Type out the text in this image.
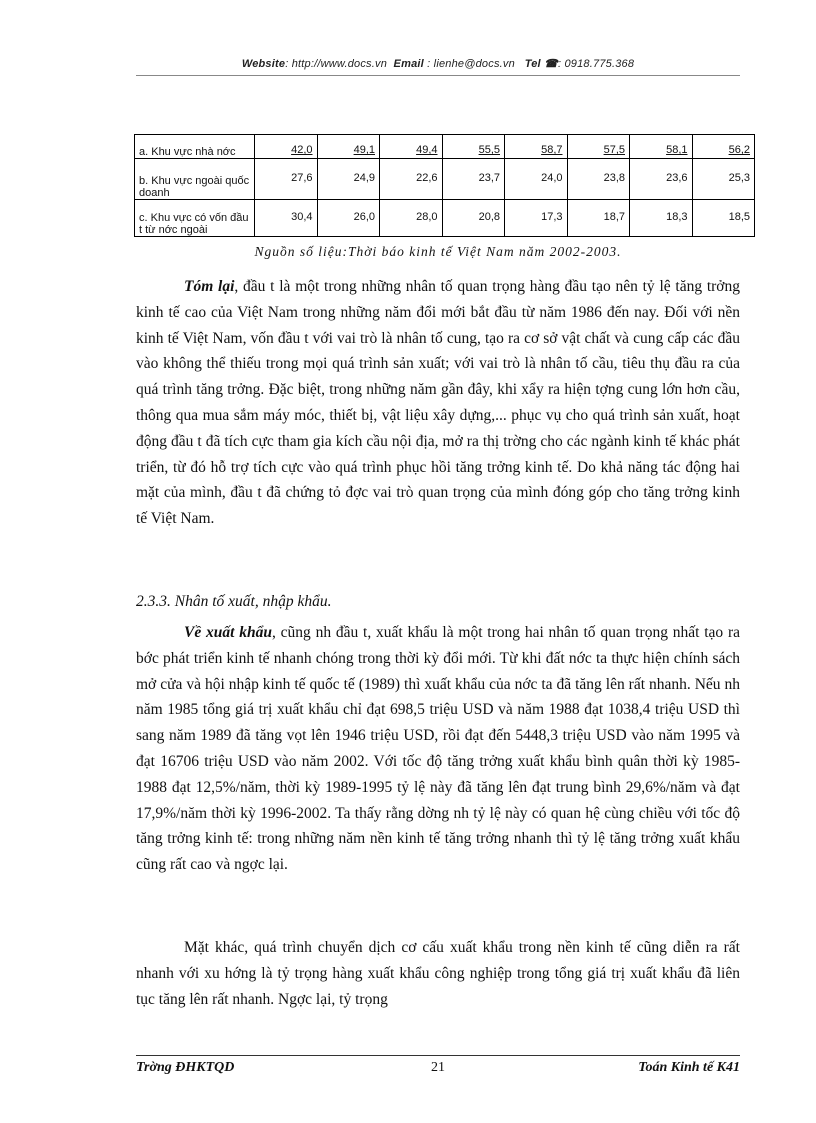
Website: http://www.docs.vn Email : lienhe@docs.vn Tel ☎: 0918.775.368
a. Khu vực nhà nớc	42,0	49,1	49,4	55,5	58,7	57,5	58,1	56,2
b. Khu vực ngoài quốc doanh	27,6	24,9	22,6	23,7	24,0	23,8	23,6	25,3
c. Khu vực có vốn đầu t từ nớc ngoài	30,4	26,0	28,0	20,8	17,3	18,7	18,3	18,5
Nguồn số liệu:Thời báo kinh tế Việt Nam năm 2002-2003.

Tóm lại, đầu t là một trong những nhân tố quan trọng hàng đầu tạo nên tỷ lệ tăng trởng kinh tế cao của Việt Nam trong những năm đổi mới bắt đầu từ năm 1986 đến nay. Đối với nền kinh tế Việt Nam, vốn đầu t với vai trò là nhân tố cung, tạo ra cơ sở vật chất và cung cấp các đầu vào không thể thiếu trong mọi quá trình sản xuất; với vai trò là nhân tố cầu, tiêu thụ đầu ra của quá trình tăng trởng. Đặc biệt, trong những năm gần đây, khi xẩy ra hiện tợng cung lớn hơn cầu, thông qua mua sắm máy móc, thiết bị, vật liệu xây dựng,... phục vụ cho quá trình sản xuất, hoạt động đầu t đã tích cực tham gia kích cầu nội địa, mở ra thị trờng cho các ngành kinh tế khác phát triển, từ đó hỗ trợ tích cực vào quá trình phục hồi tăng trởng kinh tế. Do khả năng tác động hai mặt của mình, đầu t đã chứng tỏ đợc vai trò quan trọng của mình đóng góp cho tăng trởng kinh tế Việt Nam.

2.3.3. Nhân tố xuất, nhập khẩu.

Về xuất khẩu, cũng nh đầu t, xuất khẩu là một trong hai nhân tố quan trọng nhất tạo ra bớc phát triển kinh tế nhanh chóng trong thời kỳ đổi mới. Từ khi đất nớc ta thực hiện chính sách mở cửa và hội nhập kinh tế quốc tế (1989) thì xuất khẩu của nớc ta đã tăng lên rất nhanh. Nếu nh năm 1985 tổng giá trị xuất khẩu chỉ đạt 698,5 triệu USD và năm 1988 đạt 1038,4 triệu USD thì sang năm 1989 đã tăng vọt lên 1946 triệu USD, rồi đạt đến 5448,3 triệu USD vào năm 1995 và đạt 16706 triệu USD vào năm 2002. Với tốc độ tăng trởng xuất khẩu bình quân thời kỳ 1985-1988 đạt 12,5%/năm, thời kỳ 1989-1995 tỷ lệ này đã tăng lên đạt trung bình 29,6%/năm và đạt 17,9%/năm thời kỳ 1996-2002. Ta thấy rằng dờng nh tỷ lệ này có quan hệ cùng chiều với tốc độ tăng trởng kinh tế: trong những năm nền kinh tế tăng trởng nhanh thì tỷ lệ tăng trởng xuất khẩu cũng rất cao và ngợc lại.

Mặt khác, quá trình chuyển dịch cơ cấu xuất khẩu trong nền kinh tế cũng diễn ra rất nhanh với xu hớng là tỷ trọng hàng xuất khẩu công nghiệp trong tổng giá trị xuất khẩu đã liên tục tăng lên rất nhanh. Ngợc lại, tỷ trọng

Trờng ĐHKTQD	21	Toán Kinh tế K41
